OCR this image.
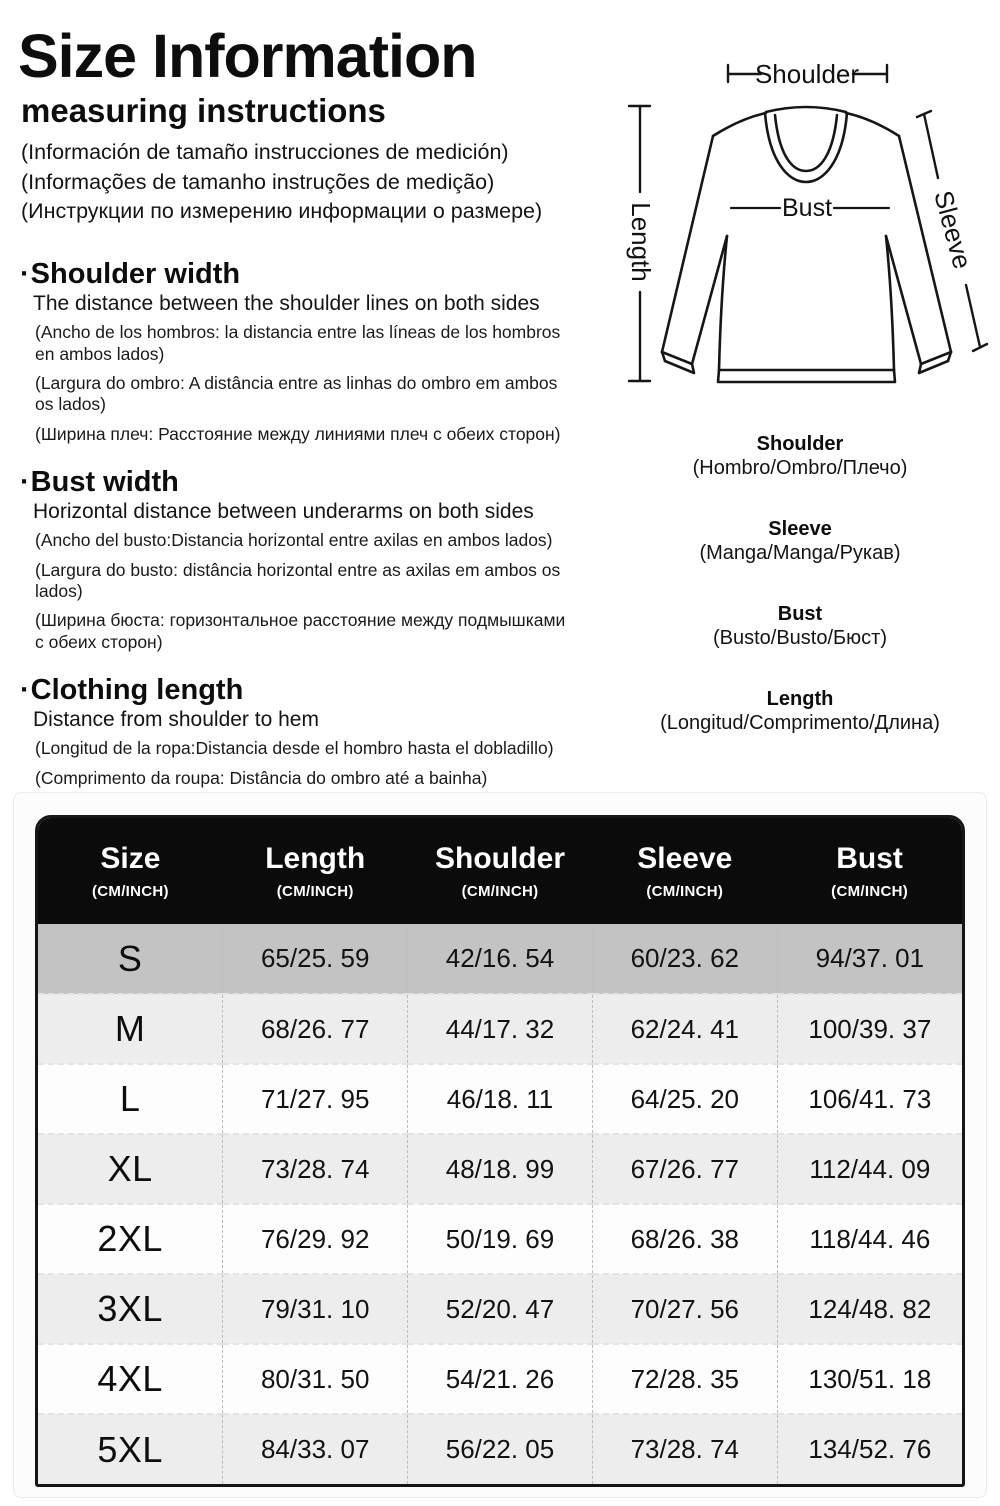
Size Information
measuring instructions

(Información de tamaño instrucciones de medición)

(Informações de tamanho instruções de medição)

(Инструкции по измерению информации о размере)

·Shoulder width
The distance between the shoulder lines on both sides

(Ancho de los hombros: la distancia entre las líneas de los hombros en ambos lados)

(Largura do ombro: A distância entre as linhas do ombro em ambos os lados)

(Ширина плеч: Расстояние между линиями плеч с обеих сторон)

·Bust width
Horizontal distance between underarms on both sides

(Ancho del busto:Distancia horizontal entre axilas en ambos lados)

(Largura do busto: distância horizontal entre as axilas em ambos os lados)

(Ширина бюста: горизонтальное расстояние между подмышками с обеих сторон)

·Clothing length
Distance from shoulder to hem

(Longitud de la ropa:Distancia desde el hombro hasta el dobladillo)

(Comprimento da roupa: Distância do ombro até a bainha)

Shoulder
Length	Bust	Sleeve
Shoulder
(Hombro/Ombro/Плечо)
Sleeve
(Manga/Manga/Рукав)
Bust
(Busto/Busto/Бюст)
Length
(Longitud/Comprimento/Длина)
Size
(CM/INCH)

Length
(CM/INCH)

Shoulder
(CM/INCH)

Sleeve
(CM/INCH)

Bust
(CM/INCH)

S	65/25. 59	42/16. 54	60/23. 62	94/37. 01
M	68/26. 77	44/17. 32	62/24. 41	100/39. 37
L	71/27. 95	46/18. 11	64/25. 20	106/41. 73
XL	73/28. 74	48/18. 99	67/26. 77	112/44. 09
2XL	76/29. 92	50/19. 69	68/26. 38	118/44. 46
3XL	79/31. 10	52/20. 47	70/27. 56	124/48. 82
4XL	80/31. 50	54/21. 26	72/28. 35	130/51. 18
5XL	84/33. 07	56/22. 05	73/28. 74	134/52. 76
